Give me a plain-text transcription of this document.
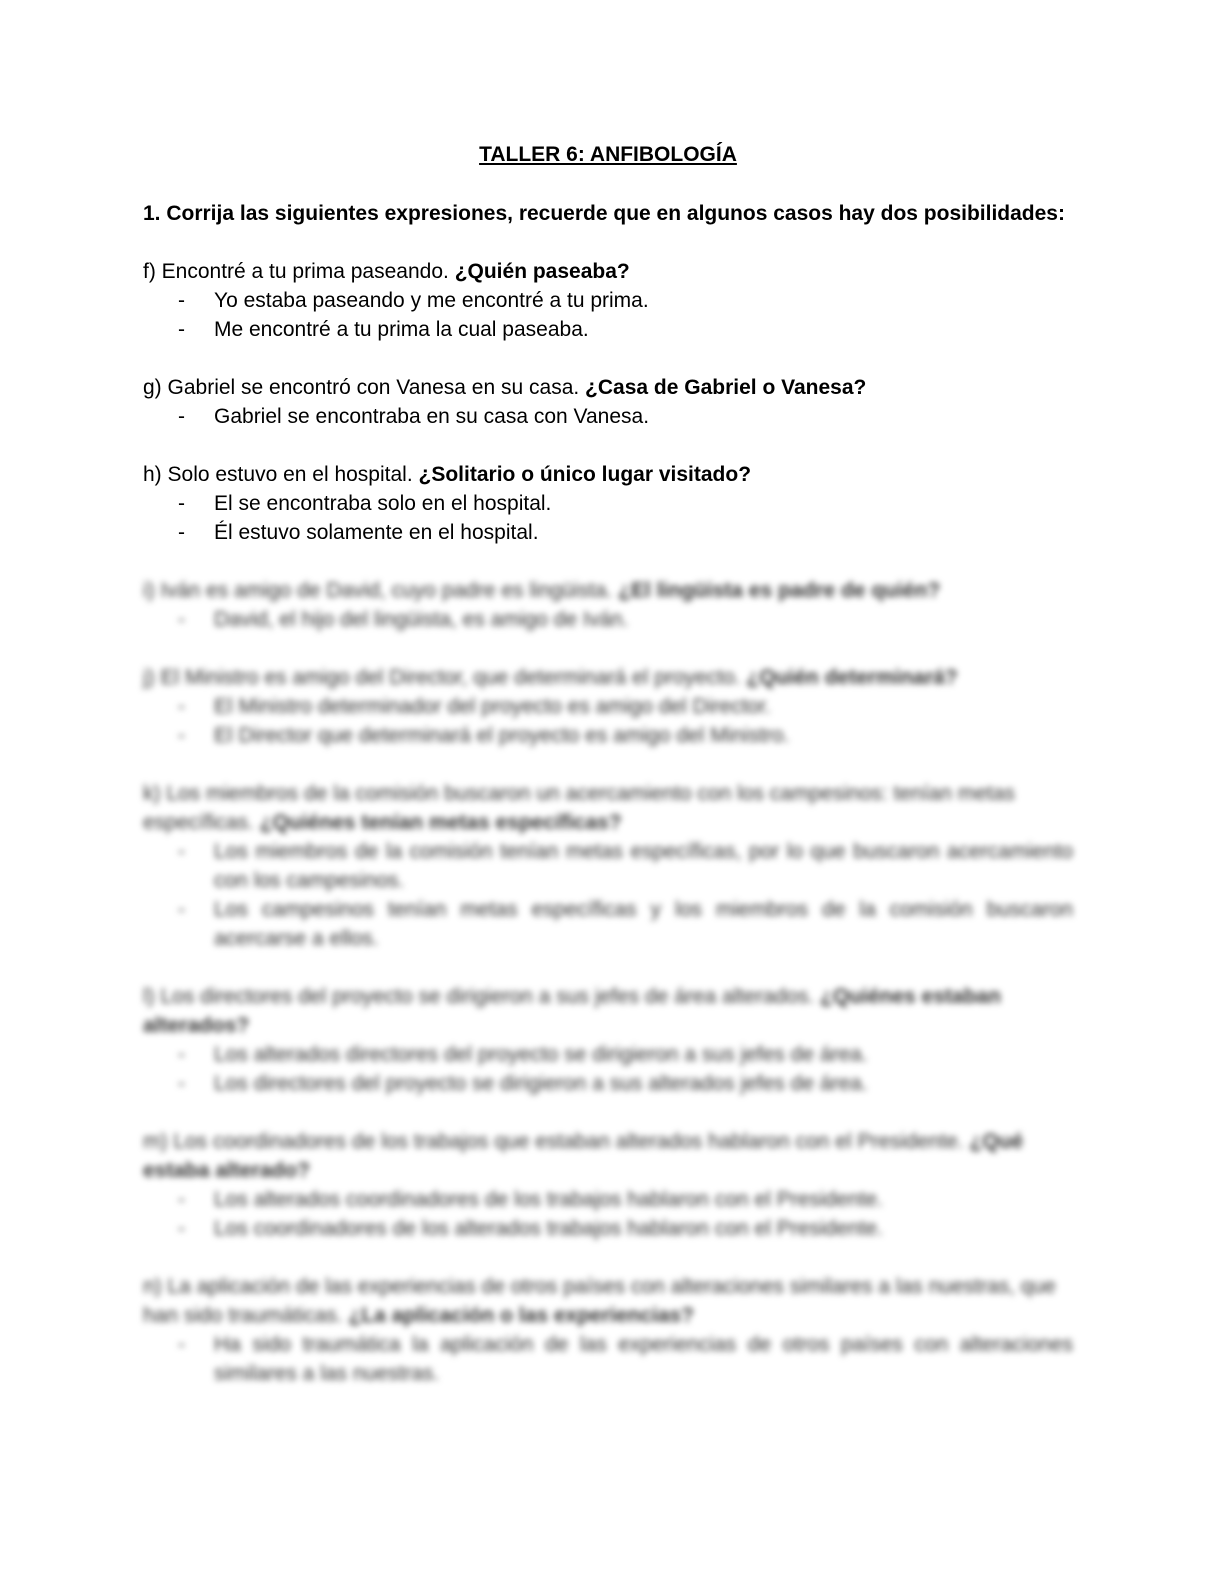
TALLER 6: ANFIBOLOGÍA
1. Corrija las siguientes expresiones, recuerde que en algunos casos hay dos posibilidades:

f) Encontré a tu prima paseando. ¿Quién paseaba?

- Yo estaba paseando y me encontré a tu prima.
- Me encontré a tu prima la cual paseaba.

g) Gabriel se encontró con Vanesa en su casa. ¿Casa de Gabriel o Vanesa?

- Gabriel se encontraba en su casa con Vanesa.

h) Solo estuvo en el hospital. ¿Solitario o único lugar visitado?

- El se encontraba solo en el hospital.
- Él estuvo solamente en el hospital.

i) Iván es amigo de David, cuyo padre es lingüista. ¿El lingüista es padre de quién?

- David, el hijo del lingüista, es amigo de Iván.

j) El Ministro es amigo del Director, que determinará el proyecto. ¿Quién determinará?

- El Ministro determinador del proyecto es amigo del Director.
- El Director que determinará el proyecto es amigo del Ministro.

k) Los miembros de la comisión buscaron un acercamiento con los campesinos: tenían metas específicas. ¿Quiénes tenían metas específicas?

- Los miembros de la comisión tenían metas específicas, por lo que buscaron acercamiento con los campesinos.
- Los campesinos tenían metas específicas y los miembros de la comisión buscaron acercarse a ellos.

l) Los directores del proyecto se dirigieron a sus jefes de área alterados. ¿Quiénes estaban alterados?

- Los alterados directores del proyecto se dirigieron a sus jefes de área.
- Los directores del proyecto se dirigieron a sus alterados jefes de área.

m) Los coordinadores de los trabajos que estaban alterados hablaron con el Presidente. ¿Qué estaba alterado?

- Los alterados coordinadores de los trabajos hablaron con el Presidente.
- Los coordinadores de los alterados trabajos hablaron con el Presidente.

n) La aplicación de las experiencias de otros países con alteraciones similares a las nuestras, que han sido traumáticas. ¿La aplicación o las experiencias?

- Ha sido traumática la aplicación de las experiencias de otros países con alteraciones similares a las nuestras.
